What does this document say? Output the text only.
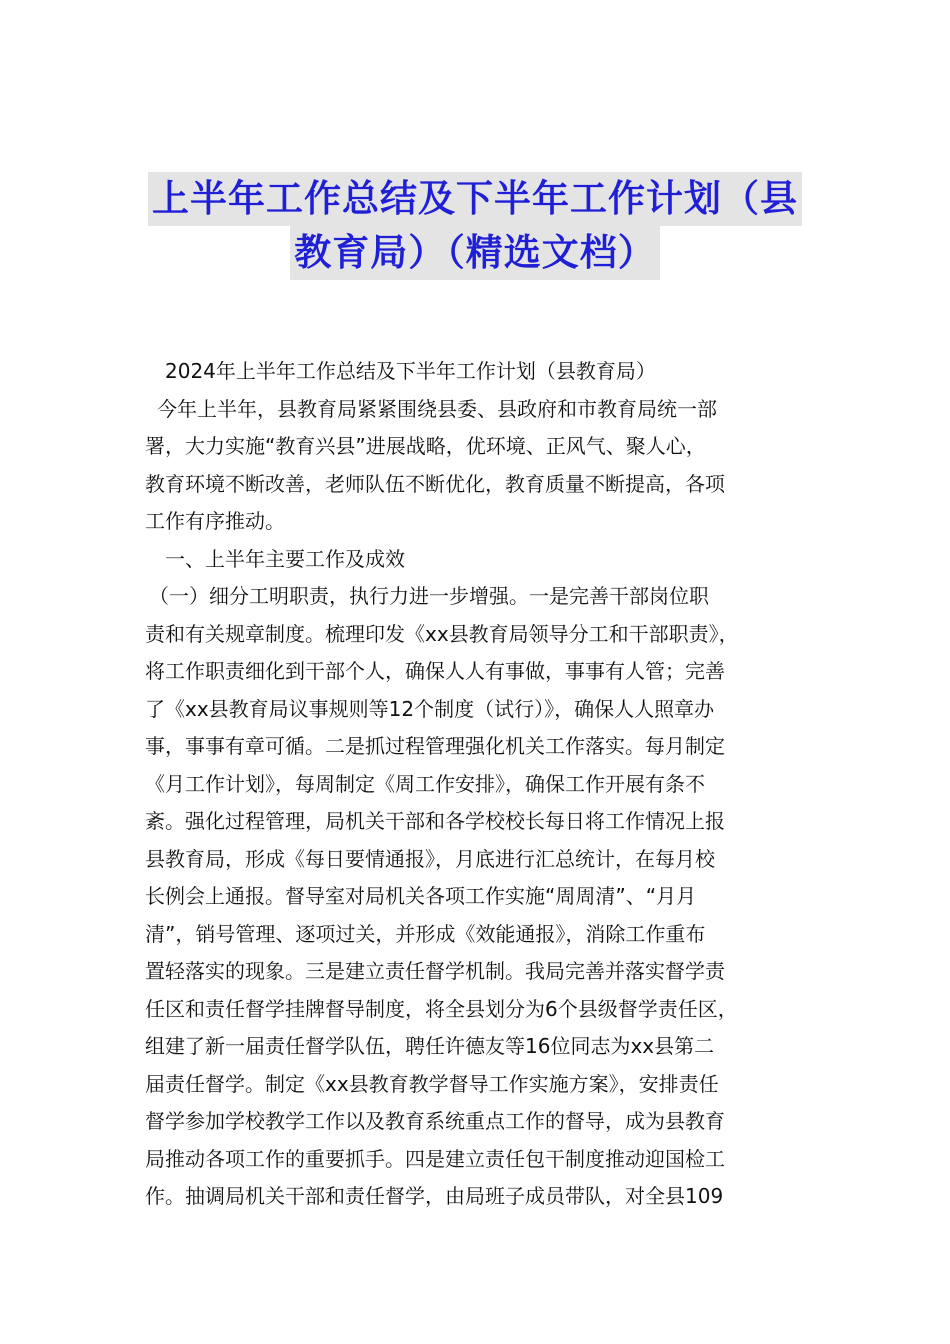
上半年工作总结及下半年工作计划（县
教育局）（精选文档）

2024年上半年工作总结及下半年工作计划（县教育局）

今年上半年，县教育局紧紧围绕县委、县政府和市教育局统一部

署，大力实施“教育兴县”进展战略，优环境、正风气、聚人心，

教育环境不断改善，老师队伍不断优化，教育质量不断提高，各项

工作有序推动。

一、上半年主要工作及成效

（一）细分工明职责，执行力进一步增强。一是完善干部岗位职

责和有关规章制度。梳理印发《xx县教育局领导分工和干部职责》，

将工作职责细化到干部个人，确保人人有事做，事事有人管；完善

了《xx县教育局议事规则等12个制度（试行）》，确保人人照章办

事，事事有章可循。二是抓过程管理强化机关工作落实。每月制定

《月工作计划》，每周制定《周工作安排》，确保工作开展有条不

紊。强化过程管理，局机关干部和各学校校长每日将工作情况上报

县教育局，形成《每日要情通报》，月底进行汇总统计，在每月校

长例会上通报。督导室对局机关各项工作实施“周周清”、“月月

清”，销号管理、逐项过关，并形成《效能通报》，消除工作重布

置轻落实的现象。三是建立责任督学机制。我局完善并落实督学责

任区和责任督学挂牌督导制度，将全县划分为6个县级督学责任区，

组建了新一届责任督学队伍，聘任许德友等16位同志为xx县第二

届责任督学。制定《xx县教育教学督导工作实施方案》，安排责任

督学参加学校教学工作以及教育系统重点工作的督导，成为县教育

局推动各项工作的重要抓手。四是建立责任包干制度推动迎国检工

作。抽调局机关干部和责任督学，由局班子成员带队，对全县109
